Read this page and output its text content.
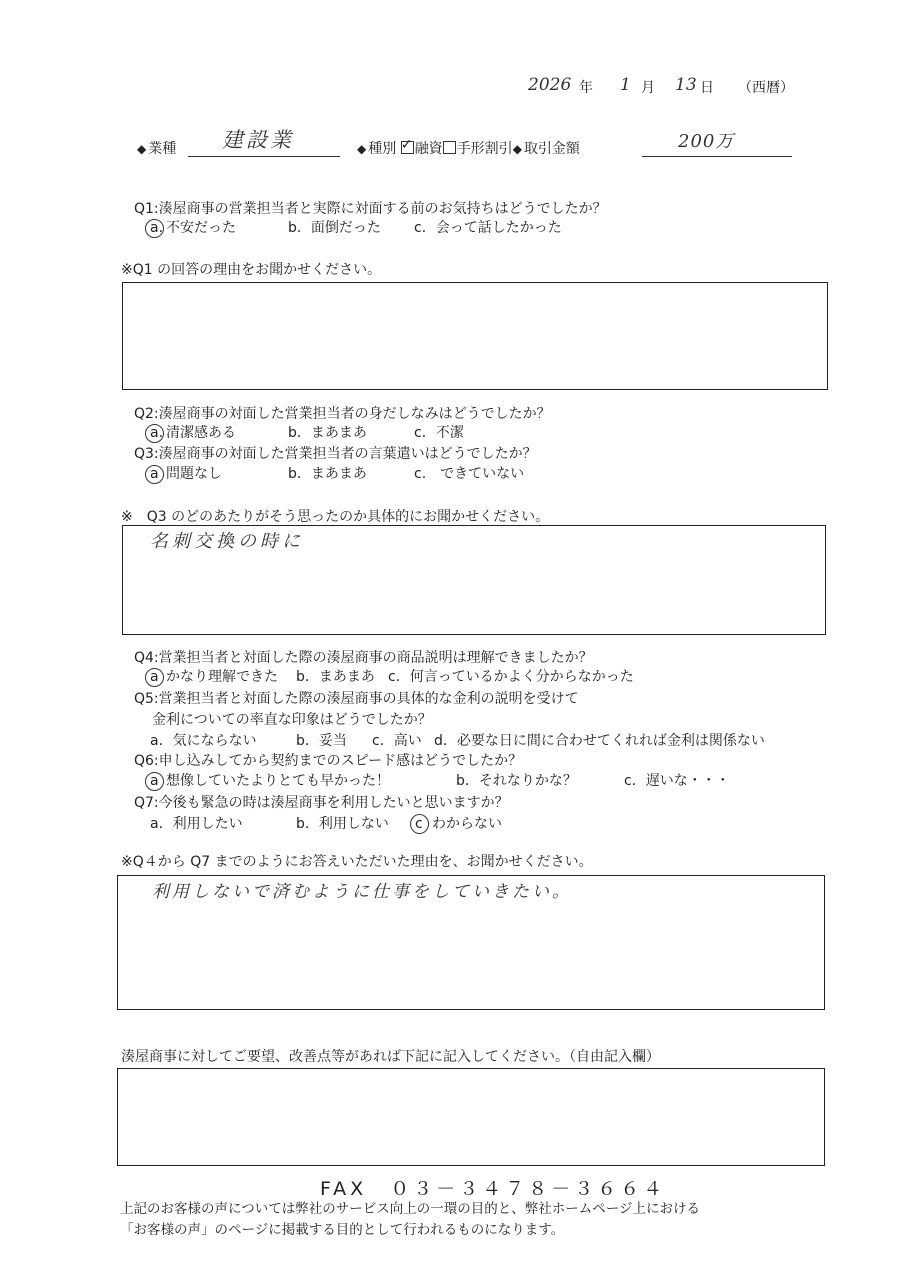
2026 年 1 月 13 日 （西暦）
◆ 業種 建設業	◆ 種別 ✓ 融資 手形割引◆ 取引金額	200万
Q1:湊屋商事の営業担当者と実際に対面する前のお気持ちはどうでしたか？
a. 不安だった	b．面倒だった c．会って話したかった
※Q1 の回答の理由をお聞かせください。
Q2:湊屋商事の対面した営業担当者の身だしなみはどうでしたか？
a. 清潔感ある	b．まあまあ	c．不潔
Q3:湊屋商事の対面した営業担当者の言葉遣いはどうでしたか？
a 問題なし	b．まあまあ	c.　できていない
※　Q3 のどのあたりがそう思ったのか具体的にお聞かせください。
名刺交換の時に
Q4:営業担当者と対面した際の湊屋商事の商品説明は理解できましたか？
a かなり理解できた b．まあまあ c．何言っているかよく分からなかった
Q5:営業担当者と対面した際の湊屋商事の具体的な金利の説明を受けて
金利についての率直な印象はどうでしたか？
a．気にならない	b．妥当 c．高い d．必要な日に間に合わせてくれれば金利は関係ない
Q6:申し込みしてから契約までのスピード感はどうでしたか？
a 想像していたよりとても早かった！	b．それなりかな？	c．遅いな・・・
Q7:今後も緊急の時は湊屋商事を利用したいと思いますか？
a．利用したい	b．利用しない c わからない
※Q４から Q7 までのようにお答えいただいた理由を、お聞かせください。
利用しないで済むように仕事をしていきたい。
湊屋商事に対してご要望、改善点等があれば下記に記入してください。（自由記入欄）
FAX　０３－３４７８－３６６４
上記のお客様の声については弊社のサービス向上の一環の目的と、弊社ホームページ上における
「お客様の声」のページに掲載する目的として行われるものになります。
